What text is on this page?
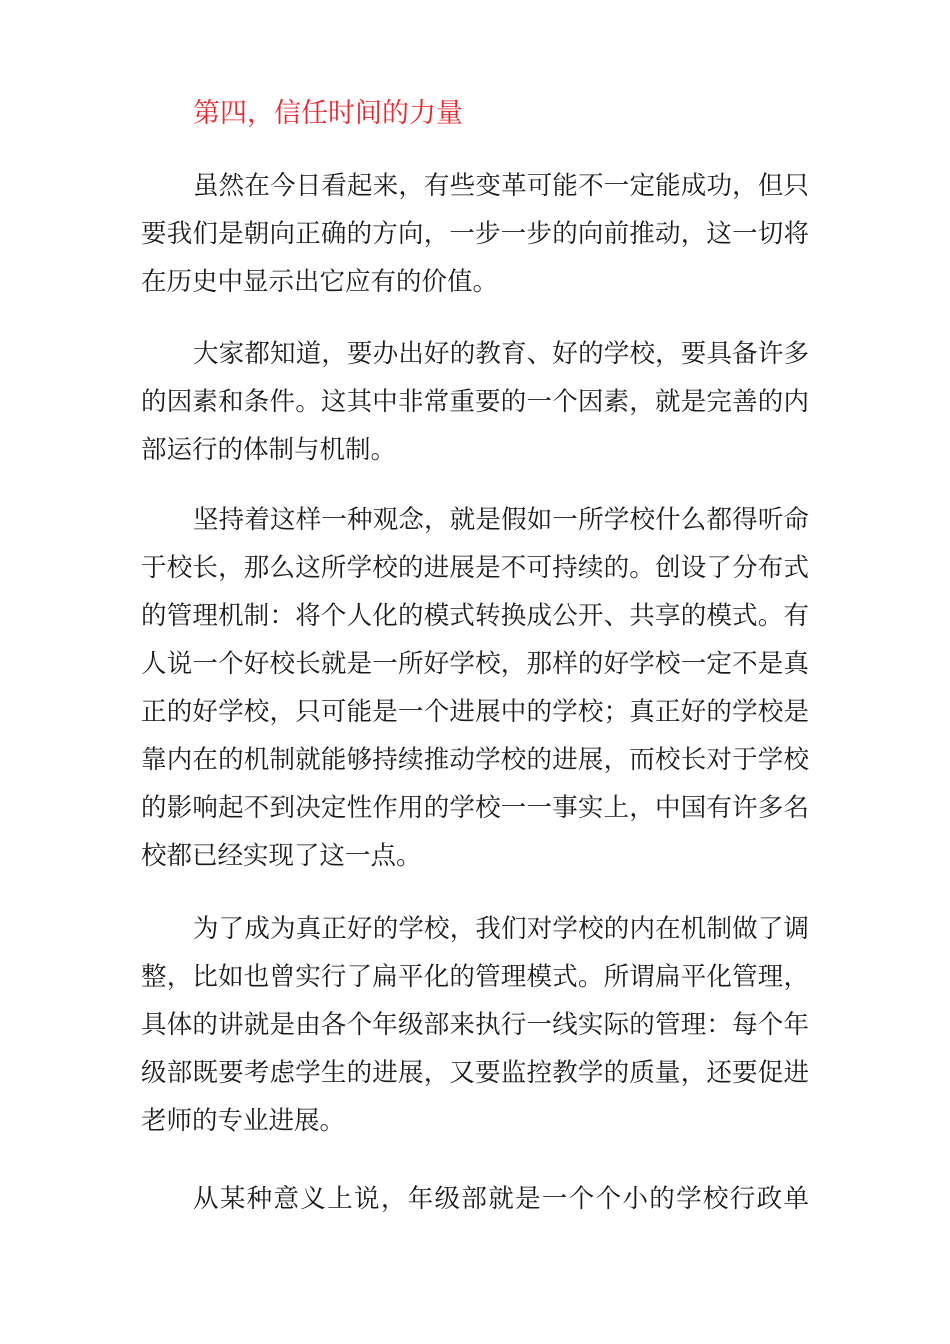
第四，信任时间的力量
虽然在今日看起来，有些变革可能不一定能成功，但只
要我们是朝向正确的方向，一步一步的向前推动，这一切将
在历史中显示出它应有的价值。
大家都知道，要办出好的教育、好的学校，要具备许多
的因素和条件。这其中非常重要的一个因素，就是完善的内
部运行的体制与机制。
坚持着这样一种观念，就是假如一所学校什么都得听命
于校长，那么这所学校的进展是不可持续的。创设了分布式
的管理机制：将个人化的模式转换成公开、共享的模式。有
人说一个好校长就是一所好学校，那样的好学校一定不是真
正的好学校，只可能是一个进展中的学校；真正好的学校是
靠内在的机制就能够持续推动学校的进展，而校长对于学校
的影响起不到决定性作用的学校一一事实上，中国有许多名
校都已经实现了这一点。
为了成为真正好的学校，我们对学校的内在机制做了调
整，比如也曾实行了扁平化的管理模式。所谓扁平化管理，
具体的讲就是由各个年级部来执行一线实际的管理：每个年
级部既要考虑学生的进展，又要监控教学的质量，还要促进
老师的专业进展。
从某种意义上说，年级部就是一个个小的学校行政单
